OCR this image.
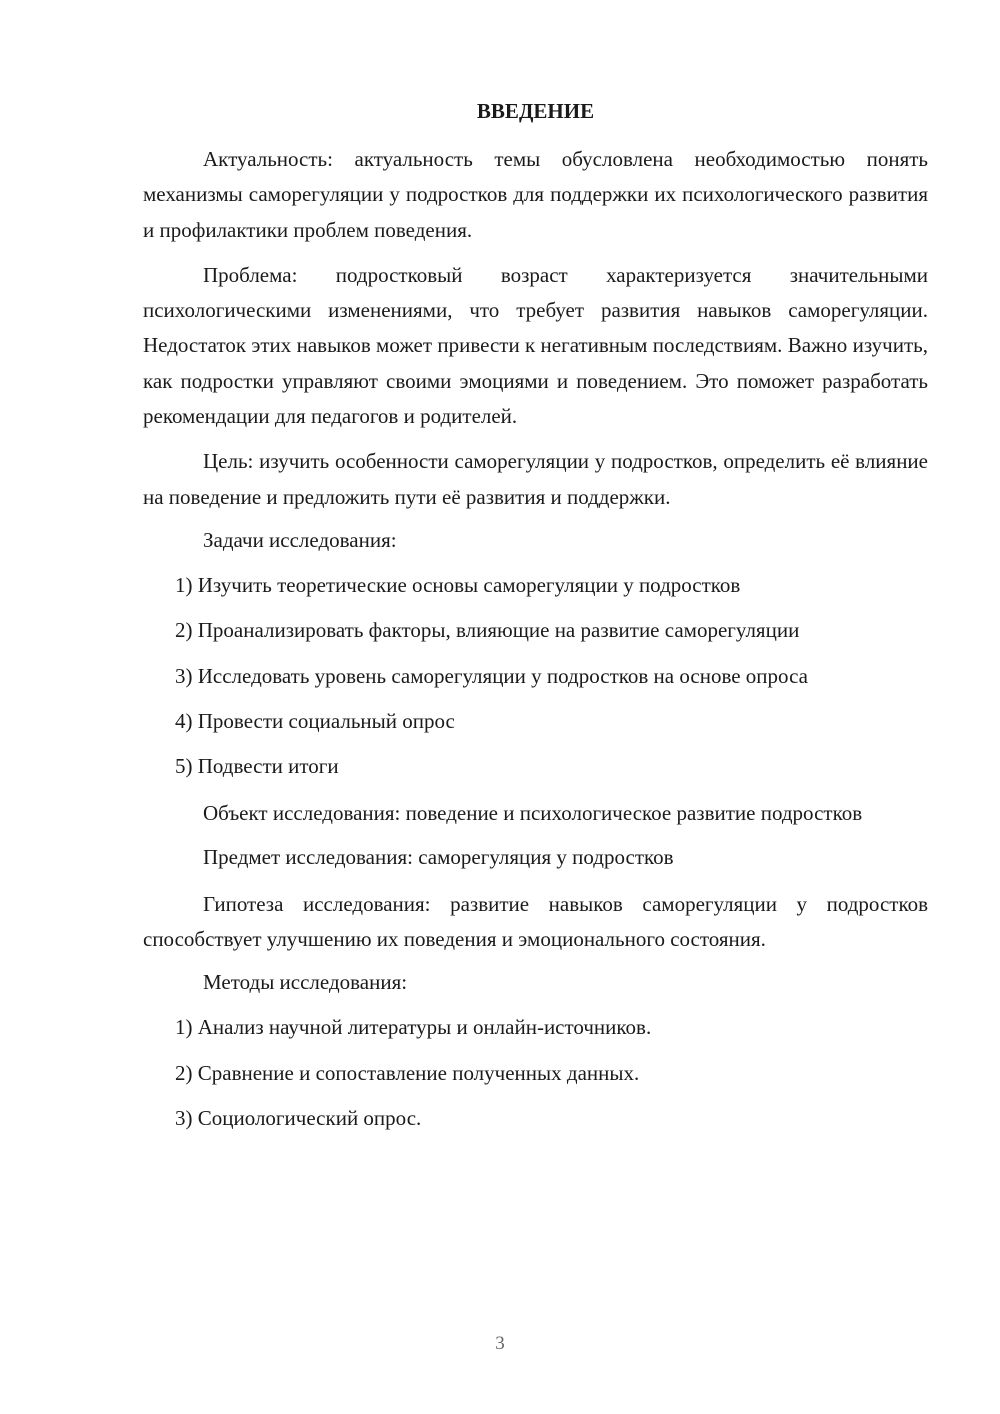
ВВЕДЕНИЕ

Актуальность: актуальность темы обусловлена необходимостью понять механизмы саморегуляции у подростков для поддержки их психологического развития и профилактики проблем поведения.

Проблема: подростковый возраст характеризуется значительными психологическими изменениями, что требует развития навыков саморегуляции. Недостаток этих навыков может привести к негативным последствиям. Важно изучить, как подростки управляют своими эмоциями и поведением. Это поможет разработать рекомендации для педагогов и родителей.

Цель: изучить особенности саморегуляции у подростков, определить её влияние на поведение и предложить пути её развития и поддержки.

Задачи исследования:

1) Изучить теоретические основы саморегуляции у подростков

2) Проанализировать факторы, влияющие на развитие саморегуляции

3) Исследовать уровень саморегуляции у подростков на основе опроса

4) Провести социальный опрос

5) Подвести итоги

Объект исследования: поведение и психологическое развитие подростков

Предмет исследования: саморегуляция у подростков

Гипотеза исследования: развитие навыков саморегуляции у подростков способствует улучшению их поведения и эмоционального состояния.

Методы исследования:

1) Анализ научной литературы и онлайн-источников.

2) Сравнение и сопоставление полученных данных.

3) Социологический опрос.

3
